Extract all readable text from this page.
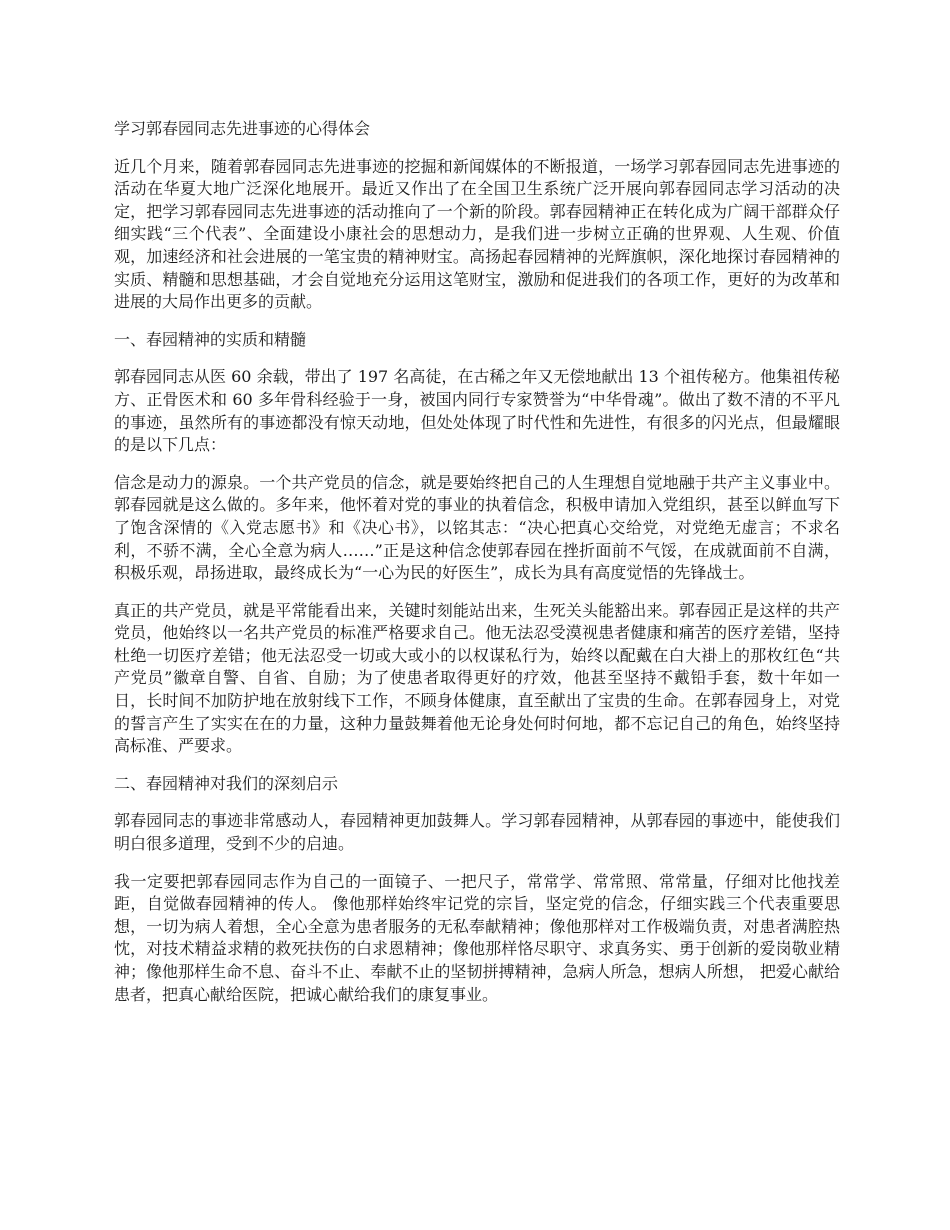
学习郭春园同志先进事迹的心得体会

近几个月来，随着郭春园同志先进事迹的挖掘和新闻媒体的不断报道，一场学习郭春园同志先进事迹的活动在华夏大地广泛深化地展开。最近又作出了在全国卫生系统广泛开展向郭春园同志学习活动的决定，把学习郭春园同志先进事迹的活动推向了一个新的阶段。郭春园精神正在转化成为广阔干部群众仔细实践“三个代表”、全面建设小康社会的思想动力，是我们进一步树立正确的世界观、人生观、价值观，加速经济和社会进展的一笔宝贵的精神财宝。高扬起春园精神的光辉旗帜，深化地探讨春园精神的实质、精髓和思想基础，才会自觉地充分运用这笔财宝，激励和促进我们的各项工作，更好的为改革和进展的大局作出更多的贡献。

一、春园精神的实质和精髓

郭春园同志从医 60 余载，带出了 197 名高徒，在古稀之年又无偿地献出 13 个祖传秘方。他集祖传秘方、正骨医术和 60 多年骨科经验于一身，被国内同行专家赞誉为“中华骨魂”。做出了数不清的不平凡的事迹，虽然所有的事迹都没有惊天动地，但处处体现了时代性和先进性，有很多的闪光点，但最耀眼的是以下几点：

信念是动力的源泉。一个共产党员的信念，就是要始终把自己的人生理想自觉地融于共产主义事业中。郭春园就是这么做的。多年来，他怀着对党的事业的执着信念，积极申请加入党组织，甚至以鲜血写下了饱含深情的《入党志愿书》和《决心书》，以铭其志：“决心把真心交给党，对党绝无虚言；不求名利，不骄不满，全心全意为病人……”正是这种信念使郭春园在挫折面前不气馁，在成就面前不自满，积极乐观，昂扬进取，最终成长为“一心为民的好医生”，成长为具有高度觉悟的先锋战士。

真正的共产党员，就是平常能看出来，关键时刻能站出来，生死关头能豁出来。郭春园正是这样的共产党员，他始终以一名共产党员的标准严格要求自己。他无法忍受漠视患者健康和痛苦的医疗差错，坚持杜绝一切医疗差错；他无法忍受一切或大或小的以权谋私行为，始终以配戴在白大褂上的那枚红色“共产党员”徽章自警、自省、自励；为了使患者取得更好的疗效，他甚至坚持不戴铅手套，数十年如一日，长时间不加防护地在放射线下工作，不顾身体健康，直至献出了宝贵的生命。在郭春园身上，对党的誓言产生了实实在在的力量，这种力量鼓舞着他无论身处何时何地，都不忘记自己的角色，始终坚持高标准、严要求。

二、春园精神对我们的深刻启示

郭春园同志的事迹非常感动人，春园精神更加鼓舞人。学习郭春园精神，从郭春园的事迹中，能使我们明白很多道理，受到不少的启迪。

我一定要把郭春园同志作为自己的一面镜子、一把尺子，常常学、常常照、常常量，仔细对比他找差距，自觉做春园精神的传人。 像他那样始终牢记党的宗旨，坚定党的信念，仔细实践三个代表重要思想，一切为病人着想，全心全意为患者服务的无私奉献精神；像他那样对工作极端负责，对患者满腔热忱，对技术精益求精的救死扶伤的白求恩精神；像他那样恪尽职守、求真务实、勇于创新的爱岗敬业精神；像他那样生命不息、奋斗不止、奉献不止的坚韧拼搏精神，急病人所急，想病人所想， 把爱心献给患者，把真心献给医院，把诚心献给我们的康复事业。
